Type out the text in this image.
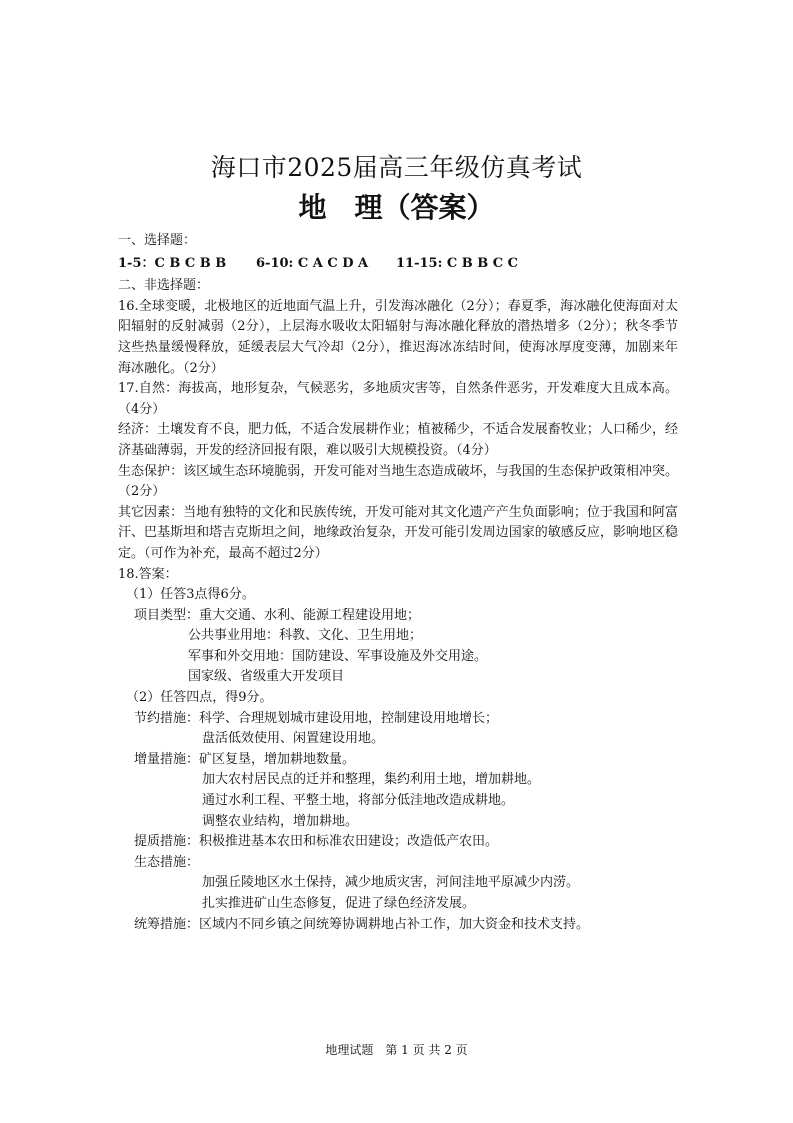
海口市2025届高三年级仿真考试
地　理（答案）
一、选择题：
1-5：C B C B B	6-10: C A C D A	11-15: C B B C C
二、非选择题：
16.全球变暖，北极地区的近地面气温上升，引发海冰融化（2分）；春夏季，海冰融化使海面对太阳辐射的反射减弱（2分），上层海水吸收太阳辐射与海冰融化释放的潜热增多（2分）；秋冬季节这些热量缓慢释放，延缓表层大气冷却（2分），推迟海冰冻结时间，使海冰厚度变薄，加剧来年海冰融化。（2分）
17.自然：海拔高，地形复杂，气候恶劣，多地质灾害等，自然条件恶劣，开发难度大且成本高。（4分）
经济：土壤发育不良，肥力低，不适合发展耕作业；植被稀少，不适合发展畜牧业；人口稀少，经济基础薄弱，开发的经济回报有限，难以吸引大规模投资。（4分）
生态保护：该区域生态环境脆弱，开发可能对当地生态造成破坏，与我国的生态保护政策相冲突。（2分）
其它因素：当地有独特的文化和民族传统，开发可能对其文化遗产产生负面影响；位于我国和阿富汗、巴基斯坦和塔吉克斯坦之间，地缘政治复杂，开发可能引发周边国家的敏感反应，影响地区稳定。（可作为补充，最高不超过2分）
18.答案：
（1）任答3点得6分。
项目类型：重大交通、水利、能源工程建设用地；
公共事业用地：科教、文化、卫生用地；
军事和外交用地：国防建设、军事设施及外交用途。
国家级、省级重大开发项目
（2）任答四点，得9分。
节约措施：科学、合理规划城市建设用地，控制建设用地增长；
盘活低效使用、闲置建设用地。
增量措施：矿区复垦，增加耕地数量。
加大农村居民点的迁并和整理，集约利用土地，增加耕地。
通过水利工程、平整土地，将部分低洼地改造成耕地。
调整农业结构，增加耕地。
提质措施：积极推进基本农田和标准农田建设；改造低产农田。
生态措施：
加强丘陵地区水土保持，减少地质灾害，河间洼地平原减少内涝。
扎实推进矿山生态修复，促进了绿色经济发展。
统筹措施：区域内不同乡镇之间统筹协调耕地占补工作，加大资金和技术支持。
地理试题　第 1 页 共 2 页
